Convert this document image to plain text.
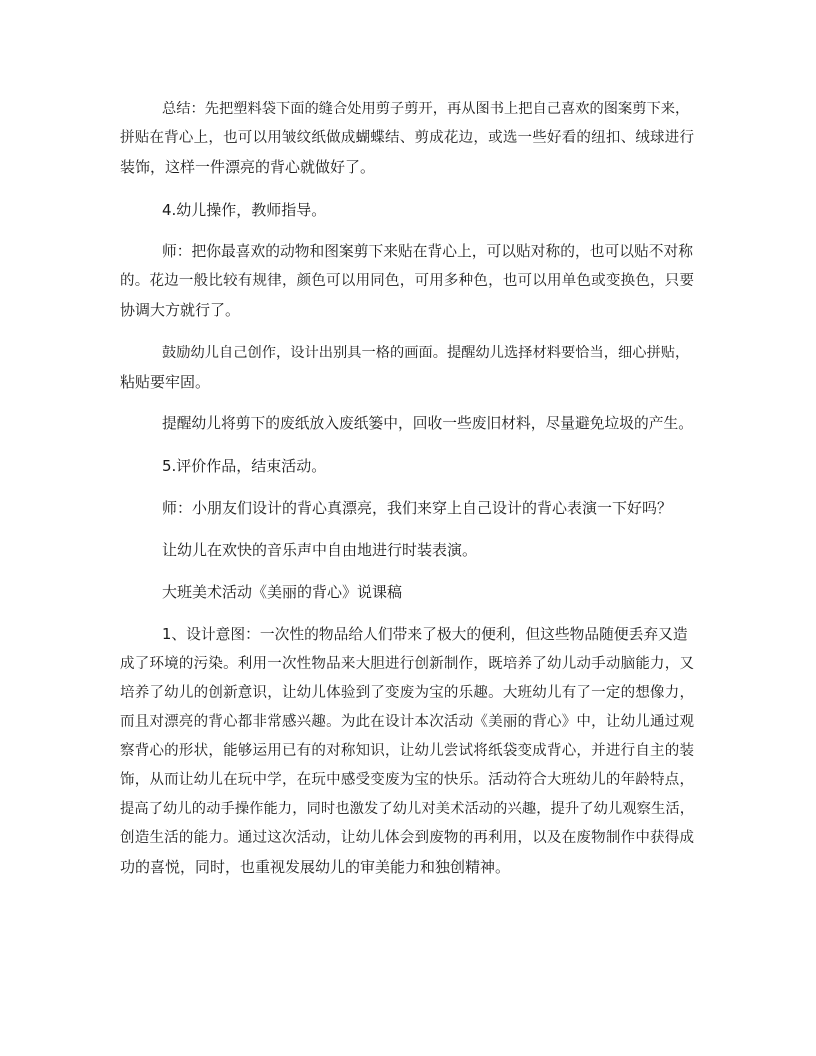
总结：先把塑料袋下面的缝合处用剪子剪开，再从图书上把自己喜欢的图案剪下来，
拼贴在背心上，也可以用皱纹纸做成蝴蝶结、剪成花边，或选一些好看的纽扣、绒球进行
装饰，这样一件漂亮的背心就做好了。
4.幼儿操作，教师指导。
师：把你最喜欢的动物和图案剪下来贴在背心上，可以贴对称的，也可以贴不对称
的。花边一般比较有规律，颜色可以用同色，可用多种色，也可以用单色或变换色，只要
协调大方就行了。
鼓励幼儿自己创作，设计出别具一格的画面。提醒幼儿选择材料要恰当，细心拼贴，
粘贴要牢固。
提醒幼儿将剪下的废纸放入废纸篓中，回收一些废旧材料，尽量避免垃圾的产生。
5.评价作品，结束活动。
师：小朋友们设计的背心真漂亮，我们来穿上自己设计的背心表演一下好吗？
让幼儿在欢快的音乐声中自由地进行时装表演。
大班美术活动《美丽的背心》说课稿
1、设计意图：一次性的物品给人们带来了极大的便利，但这些物品随便丢弃又造
成了环境的污染。利用一次性物品来大胆进行创新制作，既培养了幼儿动手动脑能力，又
培养了幼儿的创新意识，让幼儿体验到了变废为宝的乐趣。大班幼儿有了一定的想像力，
而且对漂亮的背心都非常感兴趣。为此在设计本次活动《美丽的背心》中，让幼儿通过观
察背心的形状，能够运用已有的对称知识，让幼儿尝试将纸袋变成背心，并进行自主的装
饰，从而让幼儿在玩中学，在玩中感受变废为宝的快乐。活动符合大班幼儿的年龄特点，
提高了幼儿的动手操作能力，同时也激发了幼儿对美术活动的兴趣，提升了幼儿观察生活，
创造生活的能力。通过这次活动，让幼儿体会到废物的再利用，以及在废物制作中获得成
功的喜悦，同时，也重视发展幼儿的审美能力和独创精神。
